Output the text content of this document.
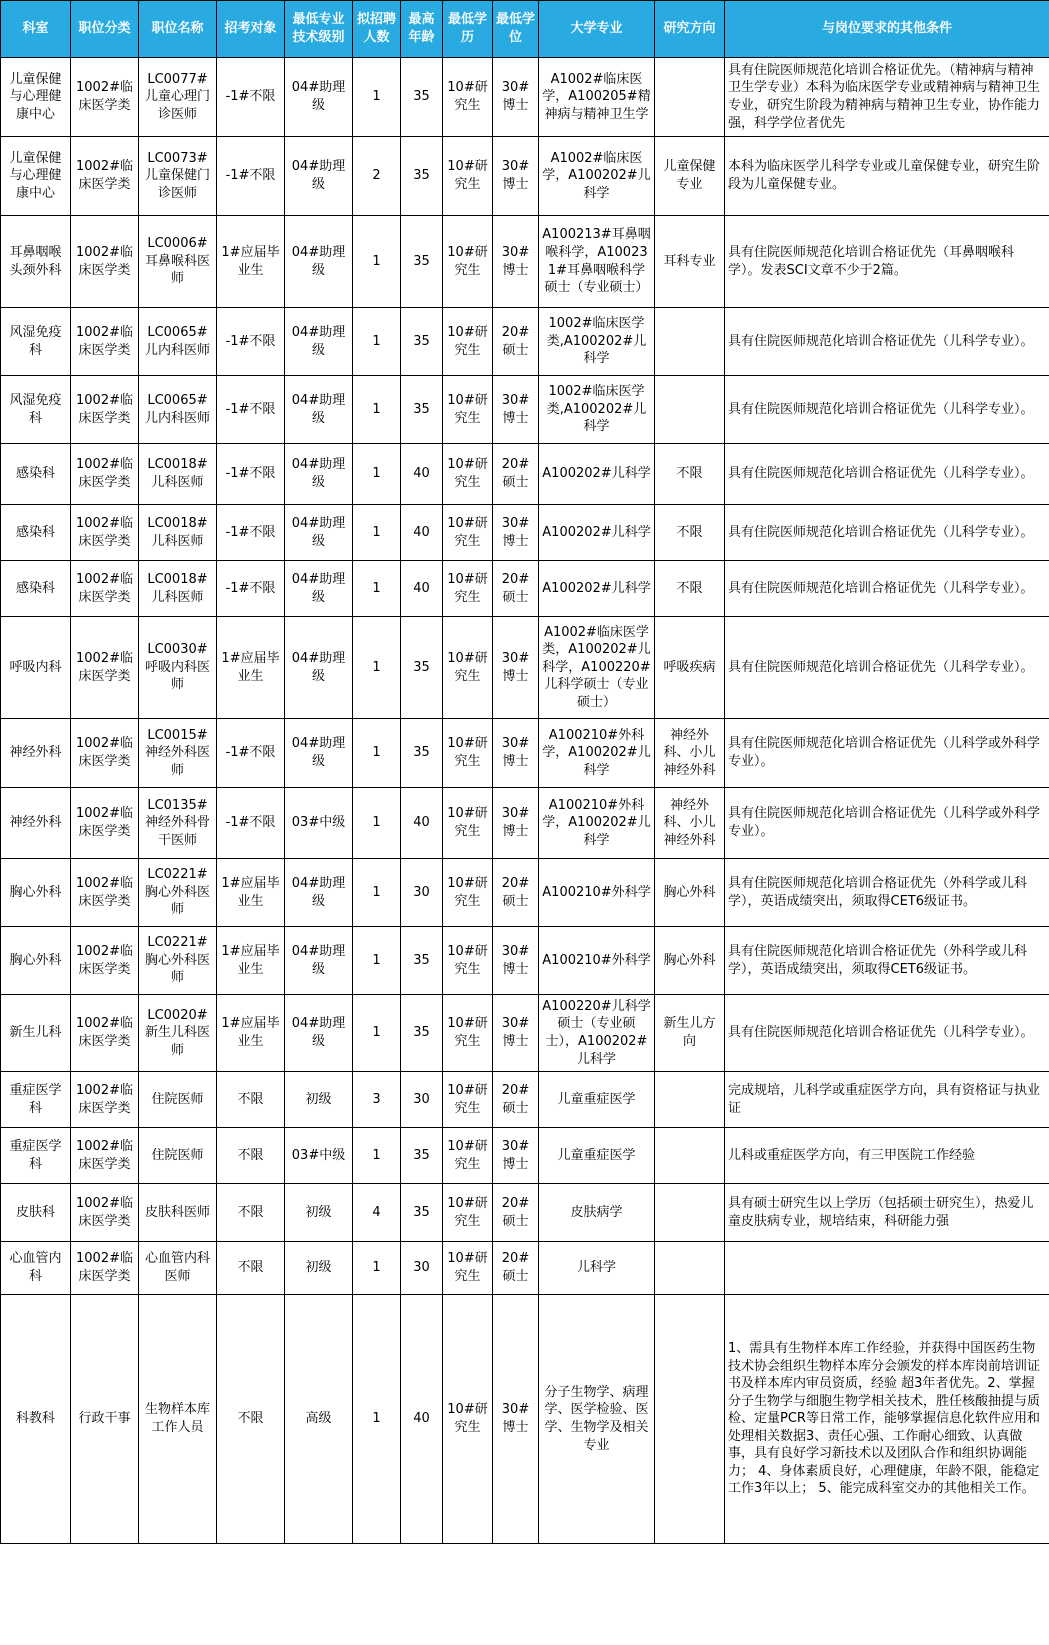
科室	职位分类	职位名称	招考对象	最低专业技术级别	拟招聘人数	最高年龄	最低学历	最低学位	大学专业	研究方向	与岗位要求的其他条件
儿童保健与心理健康中心	1002#临床医学类	LC0077#儿童心理门诊医师	-1#不限	04#助理级	1	35	10#研究生	30#博士	A1002#临床医学，A100205#精神病与精神卫生学		具有住院医师规范化培训合格证优先。（精神病与精神卫生学专业）本科为临床医学专业或精神病与精神卫生专业，研究生阶段为精神病与精神卫生专业，协作能力强，科学学位者优先
儿童保健与心理健康中心	1002#临床医学类	LC0073#儿童保健门诊医师	-1#不限	04#助理级	2	35	10#研究生	30#博士	A1002#临床医学，A100202#儿科学	儿童保健专业	本科为临床医学儿科学专业或儿童保健专业，研究生阶段为儿童保健专业。
耳鼻咽喉头颈外科	1002#临床医学类	LC0006#耳鼻喉科医师	1#应届毕业生	04#助理级	1	35	10#研究生	30#博士	A100213#耳鼻咽喉科学，A100231#耳鼻咽喉科学硕士（专业硕士）	耳科专业	具有住院医师规范化培训合格证优先（耳鼻咽喉科学）。发表SCI文章不少于2篇。
风湿免疫科	1002#临床医学类	LC0065#儿内科医师	-1#不限	04#助理级	1	35	10#研究生	20#硕士	1002#临床医学类,A100202#儿科学		具有住院医师规范化培训合格证优先（儿科学专业）。
风湿免疫科	1002#临床医学类	LC0065#儿内科医师	-1#不限	04#助理级	1	35	10#研究生	30#博士	1002#临床医学类,A100202#儿科学		具有住院医师规范化培训合格证优先（儿科学专业）。
感染科	1002#临床医学类	LC0018#儿科医师	-1#不限	04#助理级	1	40	10#研究生	20#硕士	A100202#儿科学	不限	具有住院医师规范化培训合格证优先（儿科学专业）。
感染科	1002#临床医学类	LC0018#儿科医师	-1#不限	04#助理级	1	40	10#研究生	30#博士	A100202#儿科学	不限	具有住院医师规范化培训合格证优先（儿科学专业）。
感染科	1002#临床医学类	LC0018#儿科医师	-1#不限	04#助理级	1	40	10#研究生	20#硕士	A100202#儿科学	不限	具有住院医师规范化培训合格证优先（儿科学专业）。
呼吸内科	1002#临床医学类	LC0030#呼吸内科医师	1#应届毕业生	04#助理级	1	35	10#研究生	30#博士	A1002#临床医学类，A100202#儿科学，A100220#儿科学硕士（专业硕士）	呼吸疾病	具有住院医师规范化培训合格证优先（儿科学专业）。
神经外科	1002#临床医学类	LC0015#神经外科医师	-1#不限	04#助理级	1	35	10#研究生	30#博士	A100210#外科学，A100202#儿科学	神经外科、小儿神经外科	具有住院医师规范化培训合格证优先（儿科学或外科学专业）。
神经外科	1002#临床医学类	LC0135#神经外科骨干医师	-1#不限	03#中级	1	40	10#研究生	30#博士	A100210#外科学，A100202#儿科学	神经外科、小儿神经外科	具有住院医师规范化培训合格证优先（儿科学或外科学专业）。
胸心外科	1002#临床医学类	LC0221#胸心外科医师	1#应届毕业生	04#助理级	1	30	10#研究生	20#硕士	A100210#外科学	胸心外科	具有住院医师规范化培训合格证优先（外科学或儿科学），英语成绩突出，须取得CET6级证书。
胸心外科	1002#临床医学类	LC0221#胸心外科医师	1#应届毕业生	04#助理级	1	35	10#研究生	30#博士	A100210#外科学	胸心外科	具有住院医师规范化培训合格证优先（外科学或儿科学），英语成绩突出，须取得CET6级证书。
新生儿科	1002#临床医学类	LC0020#新生儿科医师	1#应届毕业生	04#助理级	1	35	10#研究生	30#博士	A100220#儿科学硕士（专业硕士），A100202#儿科学	新生儿方向	具有住院医师规范化培训合格证优先（儿科学专业）。
重症医学科	1002#临床医学类	住院医师	不限	初级	3	30	10#研究生	20#硕士	儿童重症医学		完成规培，儿科学或重症医学方向，具有资格证与执业证
重症医学科	1002#临床医学类	住院医师	不限	03#中级	1	35	10#研究生	30#博士	儿童重症医学		儿科或重症医学方向，有三甲医院工作经验
皮肤科	1002#临床医学类	皮肤科医师	不限	初级	4	35	10#研究生	20#硕士	皮肤病学		具有硕士研究生以上学历（包括硕士研究生），热爱儿童皮肤病专业，规培结束，科研能力强
心血管内科	1002#临床医学类	心血管内科医师	不限	初级	1	30	10#研究生	20#硕士	儿科学		
科教科	行政干事	生物样本库工作人员	不限	高级	1	40	10#研究生	30#博士	分子生物学、病理学、医学检验、医学、生物学及相关专业		1、需具有生物样本库工作经验，并获得中国医药生物技术协会组织生物样本库分会颁发的样本库岗前培训证书及样本库内审员资质，经验 超3年者优先。2、掌握分子生物学与细胞生物学相关技术，胜任核酸抽提与质检、定量PCR等日常工作，能够掌握信息化软件应用和处理相关数据3、责任心强、工作耐心细致、认真做事，具有良好学习新技术以及团队合作和组织协调能力； 4、身体素质良好，心理健康，年龄不限，能稳定工作3年以上； 5、能完成科室交办的其他相关工作。
